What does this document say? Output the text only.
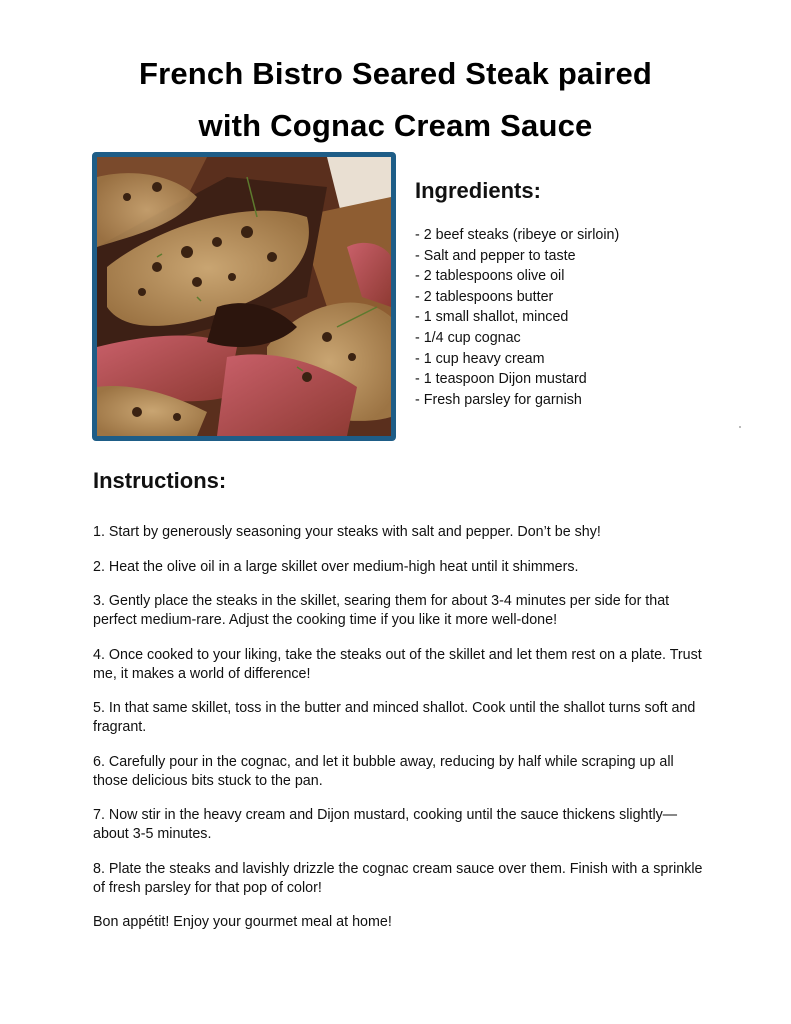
French Bistro Seared Steak paired
with Cognac Cream Sauce
Ingredients:
- 2 beef steaks (ribeye or sirloin)
- Salt and pepper to taste
- 2 tablespoons olive oil
- 2 tablespoons butter
- 1 small shallot, minced
- 1/4 cup cognac
- 1 cup heavy cream
- 1 teaspoon Dijon mustard
- Fresh parsley for garnish
Instructions:

1. Start by generously seasoning your steaks with salt and pepper. Don’t be shy!

2. Heat the olive oil in a large skillet over medium-high heat until it shimmers.

3. Gently place the steaks in the skillet, searing them for about 3-4 minutes per side for that perfect medium-rare. Adjust the cooking time if you like it more well-done!

4. Once cooked to your liking, take the steaks out of the skillet and let them rest on a plate. Trust me, it makes a world of difference!

5. In that same skillet, toss in the butter and minced shallot. Cook until the shallot turns soft and fragrant.

6. Carefully pour in the cognac, and let it bubble away, reducing by half while scraping up all those delicious bits stuck to the pan.

7. Now stir in the heavy cream and Dijon mustard, cooking until the sauce thickens slightly—about 3-5 minutes.

8. Plate the steaks and lavishly drizzle the cognac cream sauce over them. Finish with a sprinkle of fresh parsley for that pop of color!

Bon appétit! Enjoy your gourmet meal at home!
